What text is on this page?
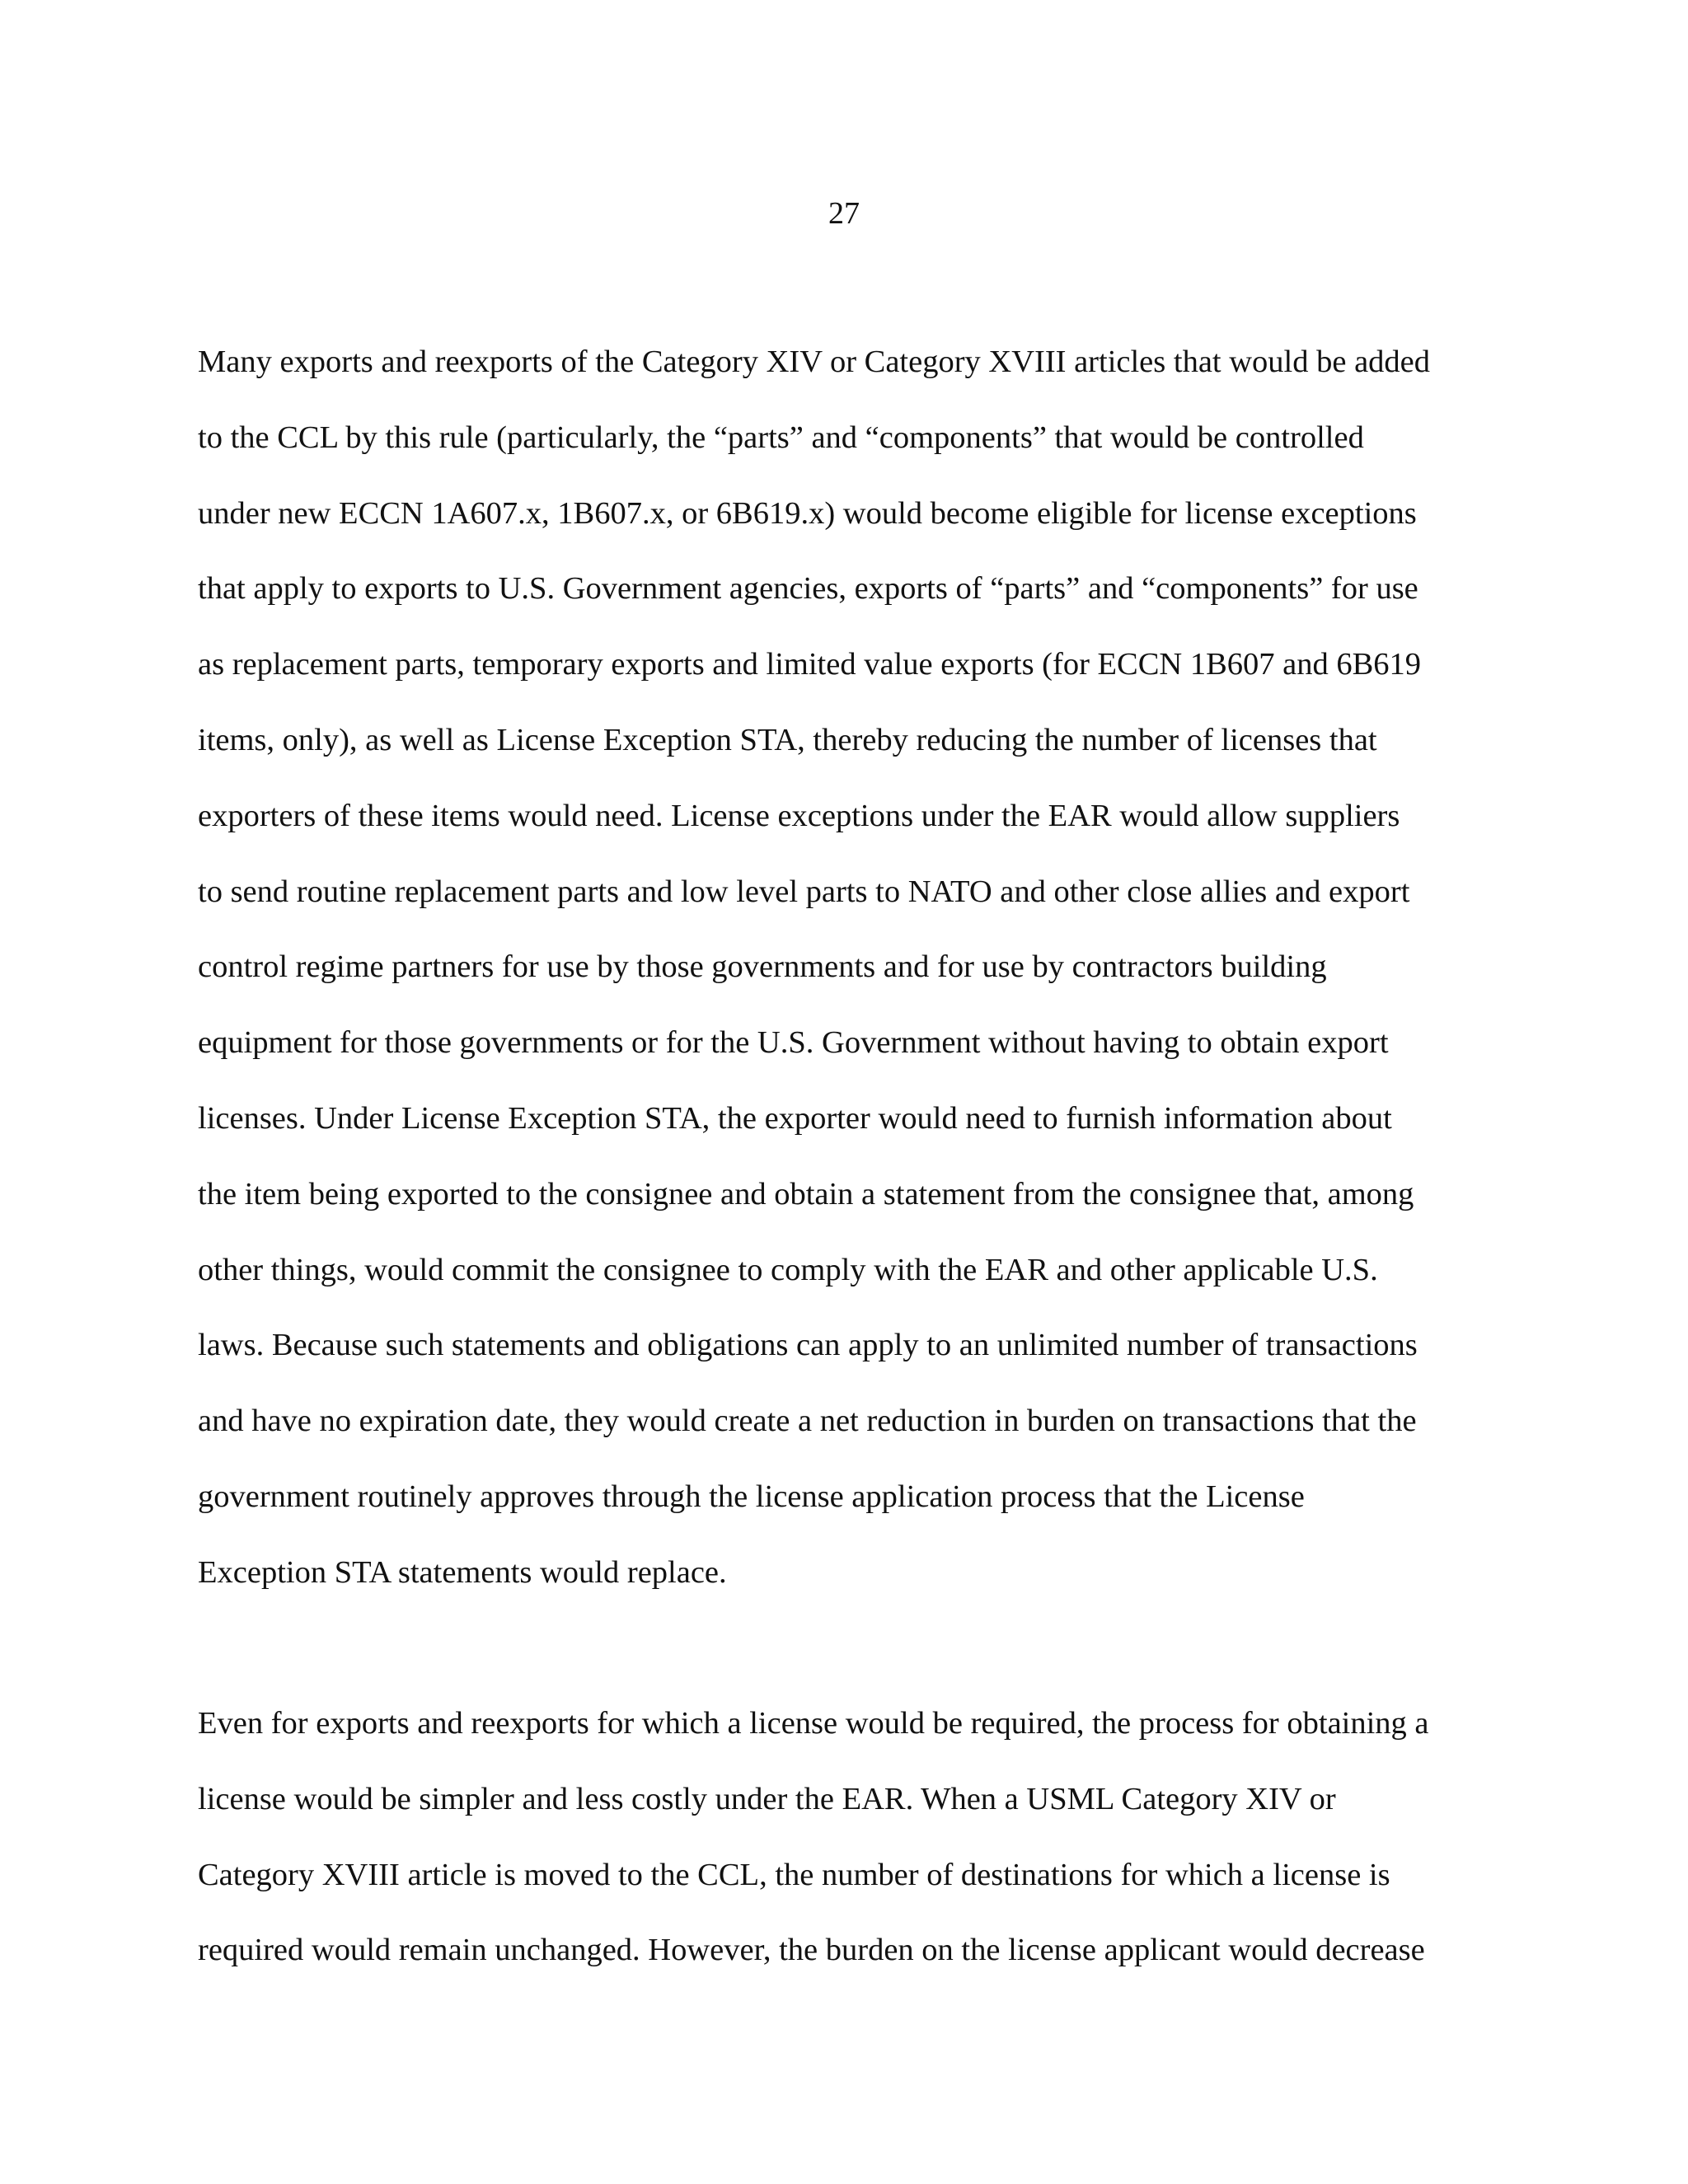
27
Many exports and reexports of the Category XIV or Category XVIII articles that would be added
to the CCL by this rule (particularly, the “parts” and “components” that would be controlled
under new ECCN 1A607.x, 1B607.x, or 6B619.x) would become eligible for license exceptions
that apply to exports to U.S. Government agencies, exports of “parts” and “components” for use
as replacement parts, temporary exports and limited value exports (for ECCN 1B607 and 6B619
items, only), as well as License Exception STA, thereby reducing the number of licenses that
exporters of these items would need. License exceptions under the EAR would allow suppliers
to send routine replacement parts and low level parts to NATO and other close allies and export
control regime partners for use by those governments and for use by contractors building
equipment for those governments or for the U.S. Government without having to obtain export
licenses. Under License Exception STA, the exporter would need to furnish information about
the item being exported to the consignee and obtain a statement from the consignee that, among
other things, would commit the consignee to comply with the EAR and other applicable U.S.
laws. Because such statements and obligations can apply to an unlimited number of transactions
and have no expiration date, they would create a net reduction in burden on transactions that the
government routinely approves through the license application process that the License
Exception STA statements would replace.
Even for exports and reexports for which a license would be required, the process for obtaining a
license would be simpler and less costly under the EAR. When a USML Category XIV or
Category XVIII article is moved to the CCL, the number of destinations for which a license is
required would remain unchanged. However, the burden on the license applicant would decrease
